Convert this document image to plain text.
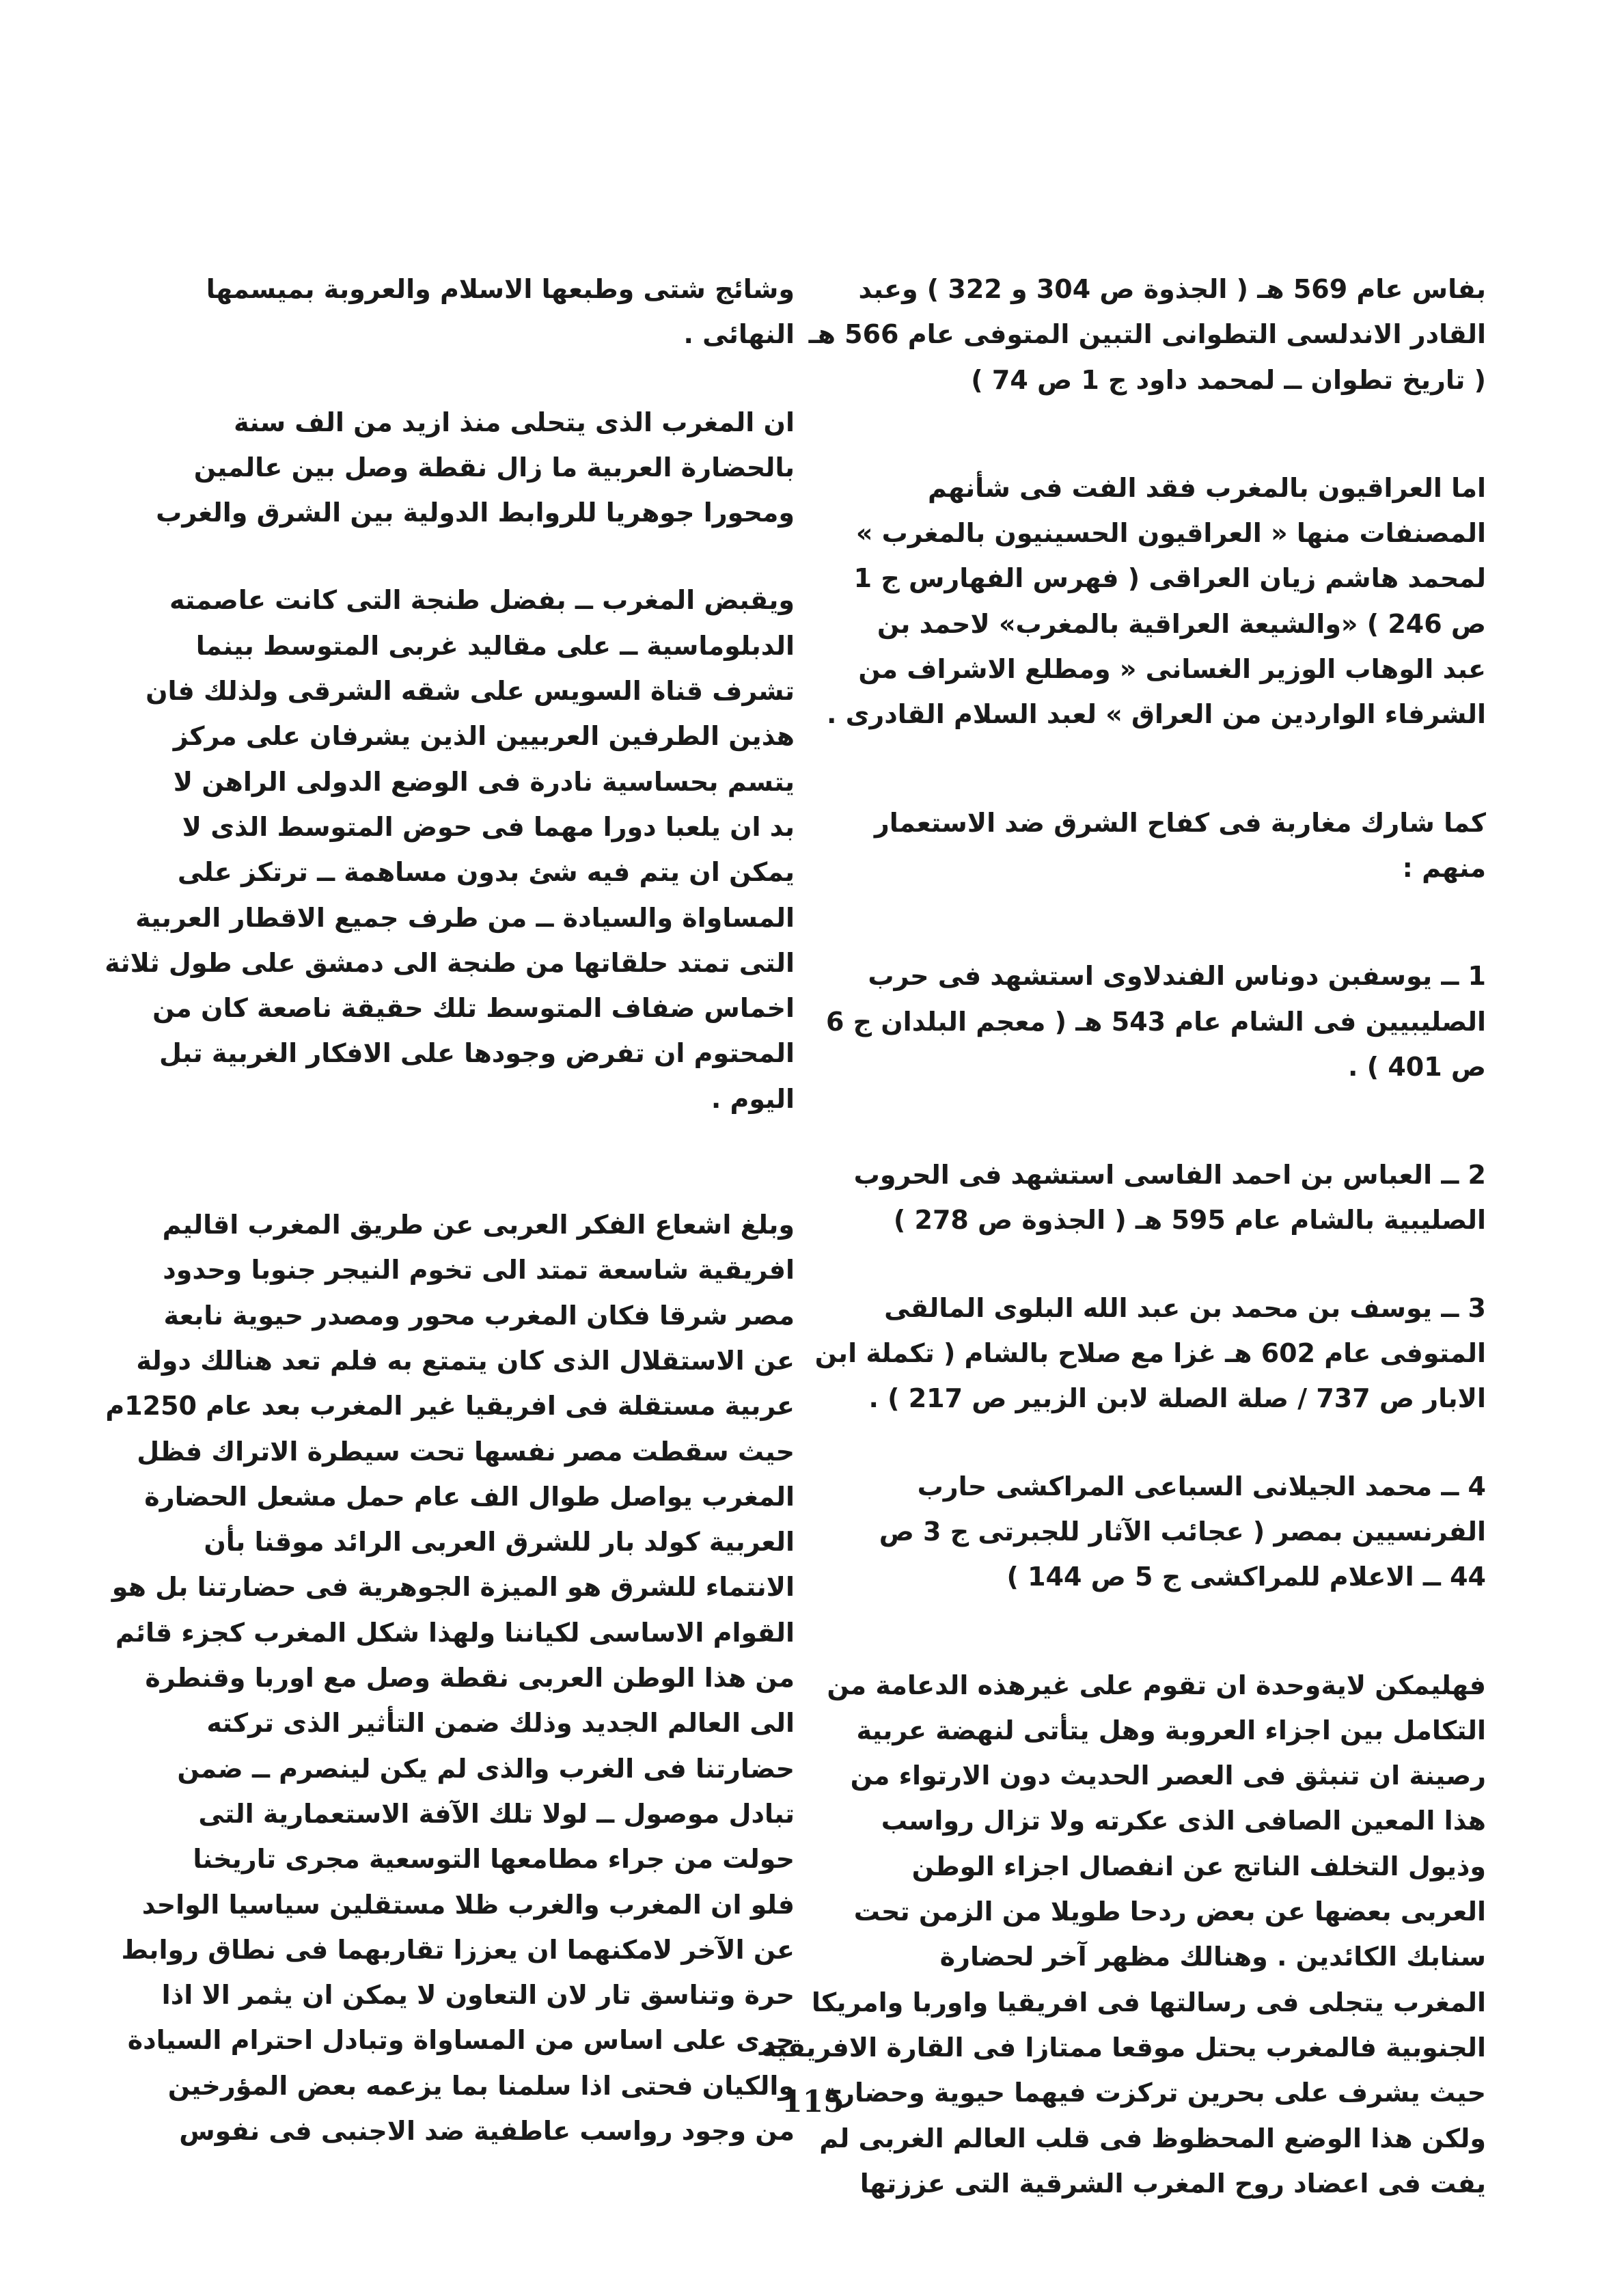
بفاس عام 569 هـ ( الجذوة ص 304 و 322 ) وعبد
القادر الاندلسى التطوانى التبين المتوفى عام 566 هـ
( تاريخ تطوان ــ لمحمد داود ج 1 ص 74 )
اما العراقيون بالمغرب فقد الفت فى شأنهم
المصنفات منها « العراقيون الحسينيون بالمغرب »
لمحمد هاشم زيان العراقى ( فهرس الفهارس ج 1
ص 246 ) «والشيعة العراقية بالمغرب» لاحمد بن
عبد الوهاب الوزير الغسانى « ومطلع الاشراف من
الشرفاء الواردين من العراق » لعبد السلام القادرى .
كما شارك مغاربة فى كفاح الشرق ضد الاستعمار
منهم :
1 ــ يوسفبن دوناس الفندلاوى استشهد فى حرب
الصليبيين فى الشام عام 543 هـ ( معجم البلدان ج 6
ص 401 ) .
2 ــ العباس بن احمد الفاسى استشهد فى الحروب
الصليبية بالشام عام 595 هـ ( الجذوة ص 278 )
3 ــ يوسف بن محمد بن عبد الله البلوى المالقى
المتوفى عام 602 هـ غزا مع صلاح بالشام ( تكملة ابن
الابار ص 737 / صلة الصلة لابن الزبير ص 217 ) .
4 ــ محمد الجيلانى السباعى المراكشى حارب
الفرنسيين بمصر ( عجائب الآثار للجبرتى ج 3 ص
44 ــ الاعلام للمراكشى ج 5 ص 144 )
فهليمكن لايةوحدة ان تقوم على غيرهذه الدعامة من
التكامل بين اجزاء العروبة وهل يتأتى لنهضة عربية
رصينة ان تنبثق فى العصر الحديث دون الارتواء من
هذا المعين الصافى الذى عكرته ولا تزال رواسب
وذيول التخلف الناتج عن انفصال اجزاء الوطن
العربى بعضها عن بعض ردحا طويلا من الزمن تحت
سنابك الكائدين . وهنالك مظهر آخر لحضارة
المغرب يتجلى فى رسالتها فى افريقيا واوربا وامريكا
الجنوبية فالمغرب يحتل موقعا ممتازا فى القارة الافريقية
حيث يشرف على بحرين تركزت فيهما حيوية وحضارة
ولكن هذا الوضع المحظوظ فى قلب العالم الغربى لم
يفت فى اعضاد روح المغرب الشرقية التى عززتها
وشائج شتى وطبعها الاسلام والعروبة بميسمها
النهائى .
ان المغرب الذى يتحلى منذ ازيد من الف سنة
بالحضارة العربية ما زال نقطة وصل بين عالمين
ومحورا جوهريا للروابط الدولية بين الشرق والغرب
ويقبض المغرب ــ بفضل طنجة التى كانت عاصمته
الدبلوماسية ــ على مقاليد غربى المتوسط بينما
تشرف قناة السويس على شقه الشرقى ولذلك فان
هذين الطرفين العربيين الذين يشرفان على مركز
يتسم بحساسية نادرة فى الوضع الدولى الراهن لا
بد ان يلعبا دورا مهما فى حوض المتوسط الذى لا
يمكن ان يتم فيه شئ بدون مساهمة ــ ترتكز على
المساواة والسيادة ــ من طرف جميع الاقطار العربية
التى تمتد حلقاتها من طنجة الى دمشق على طول ثلاثة
اخماس ضفاف المتوسط تلك حقيقة ناصعة كان من
المحتوم ان تفرض وجودها على الافكار الغربية تبل
اليوم .
وبلغ اشعاع الفكر العربى عن طريق المغرب اقاليم
افريقية شاسعة تمتد الى تخوم النيجر جنوبا وحدود
مصر شرقا فكان المغرب محور ومصدر حيوية نابعة
عن الاستقلال الذى كان يتمتع به فلم تعد هنالك دولة
عربية مستقلة فى افريقيا غير المغرب بعد عام 1250م
حيث سقطت مصر نفسها تحت سيطرة الاتراك فظل
المغرب يواصل طوال الف عام حمل مشعل الحضارة
العربية كولد بار للشرق العربى الرائد موقنا بأن
الانتماء للشرق هو الميزة الجوهرية فى حضارتنا بل هو
القوام الاساسى لكياننا ولهذا شكل المغرب كجزء قائم
من هذا الوطن العربى نقطة وصل مع اوربا وقنطرة
الى العالم الجديد وذلك ضمن التأثير الذى تركته
حضارتنا فى الغرب والذى لم يكن لينصرم ــ ضمن
تبادل موصول ــ لولا تلك الآفة الاستعمارية التى
حولت من جراء مطامعها التوسعية مجرى تاريخنا
فلو ان المغرب والغرب ظلا مستقلين سياسيا الواحد
عن الآخر لامكنهما ان يعززا تقاربهما فى نطاق روابط
حرة وتناسق تار لان التعاون لا يمكن ان يثمر الا اذا
جرى على اساس من المساواة وتبادل احترام السيادة
والكيان فحتى اذا سلمنا بما يزعمه بعض المؤرخين
من وجود رواسب عاطفية ضد الاجنبى فى نفوس
115
